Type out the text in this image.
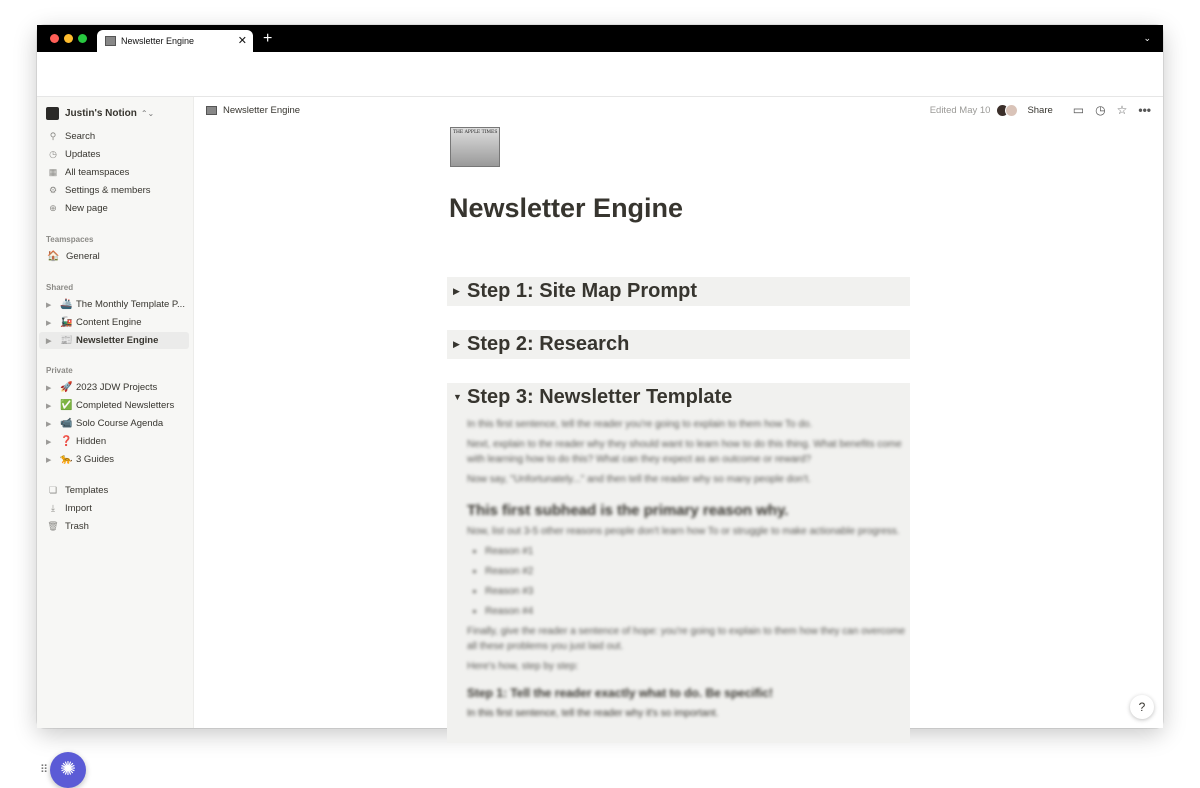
Newsletter Engine	✕ +	⌄
Justin's Notion ⌃⌄
⚲ Search
◷ Updates
▦ All teamspaces
⚙ Settings & members
⊕ New page
Teamspaces
🏠 General
Shared
▶ 🚢 The Monthly Template P...
▶ 🚂 Content Engine
▶ 📰 Newsletter Engine
Private
▶ 🚀 2023 JDW Projects
▶ ✅ Completed Newsletters
▶ 📹 Solo Course Agenda
▶ ❓ Hidden
▶ 🐆 3 Guides
❏ Templates
⤓	Import
🗑 Trash
⠿ ✺
Newsletter Engine	Edited May 10	Share ▭ ◷ ☆ •••
THE APPLE TIMES
Newsletter Engine
▶ Step 1: Site Map Prompt
▶ Step 2: Research
▼ Step 3: Newsletter Template

In this first sentence, tell the reader you're going to explain to them how To do.

Next, explain to the reader why they should want to learn how to do this thing. What benefits come with learning how to do this? What can they expect as an outcome or reward?

Now say, "Unfortunately..." and then tell the reader why so many people don't.

This first subhead is the primary reason why.

Now, list out 3-5 other reasons people don't learn how To or struggle to make actionable progress.

• Reason #1
• Reason #2
• Reason #3
• Reason #4

Finally, give the reader a sentence of hope: you're going to explain to them how they can overcome all these problems you just laid out.

Here's how, step by step:

Step 1: Tell the reader exactly what to do. Be specific!

In this first sentence, tell the reader why it's so important.	?
